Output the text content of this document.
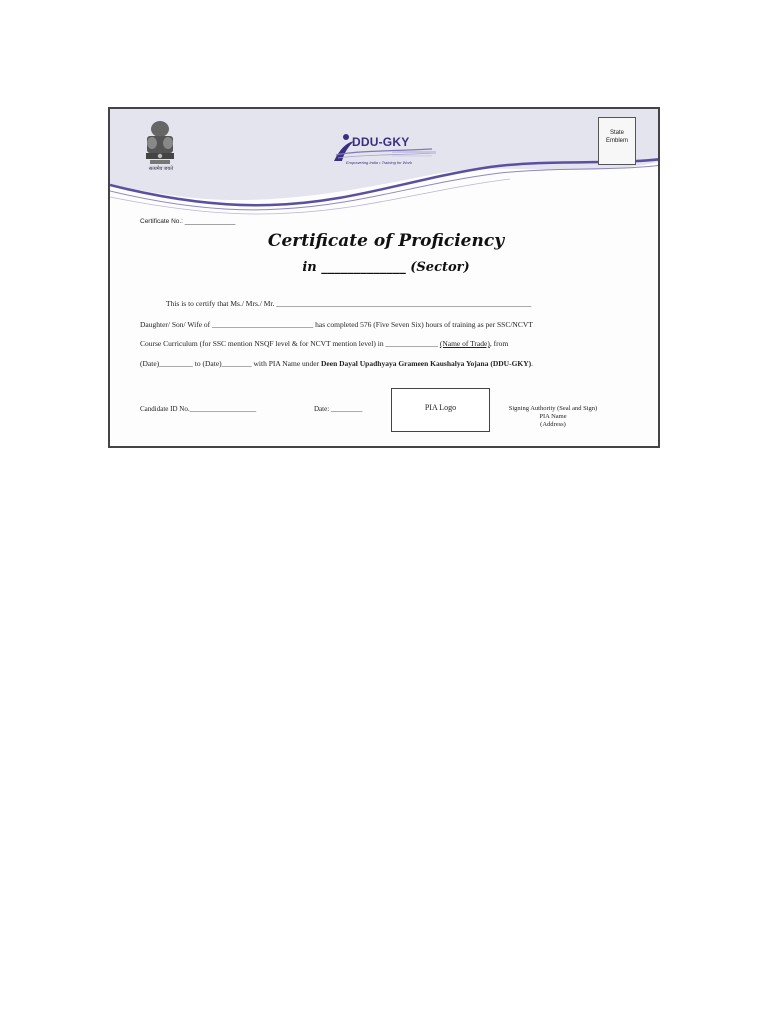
सत्यमेव जयते
DDU-GKY
Empowering India • Training for Work
State Emblem
Certificate No.: ______________
Certificate of Proficiency
in _____________ (Sector)
This is to certify that Ms./ Mrs./ Mr. ____________________________________________________________________
Daughter/ Son/ Wife of ___________________________ has completed 576 (Five Seven Six) hours of training as per SSC/NCVT
Course Curriculum (for SSC mention NSQF level & for NCVT mention level) in ______________ (Name of Trade), from
(Date)_________ to (Date)________ with PIA Name under Deen Dayal Upadhyaya Grameen Kaushalya Yojana (DDU-GKY).
Candidate ID No.___________________	Date: _________	PIA Logo	Signing Authority (Seal and Sign)
PIA Name
(Address)
